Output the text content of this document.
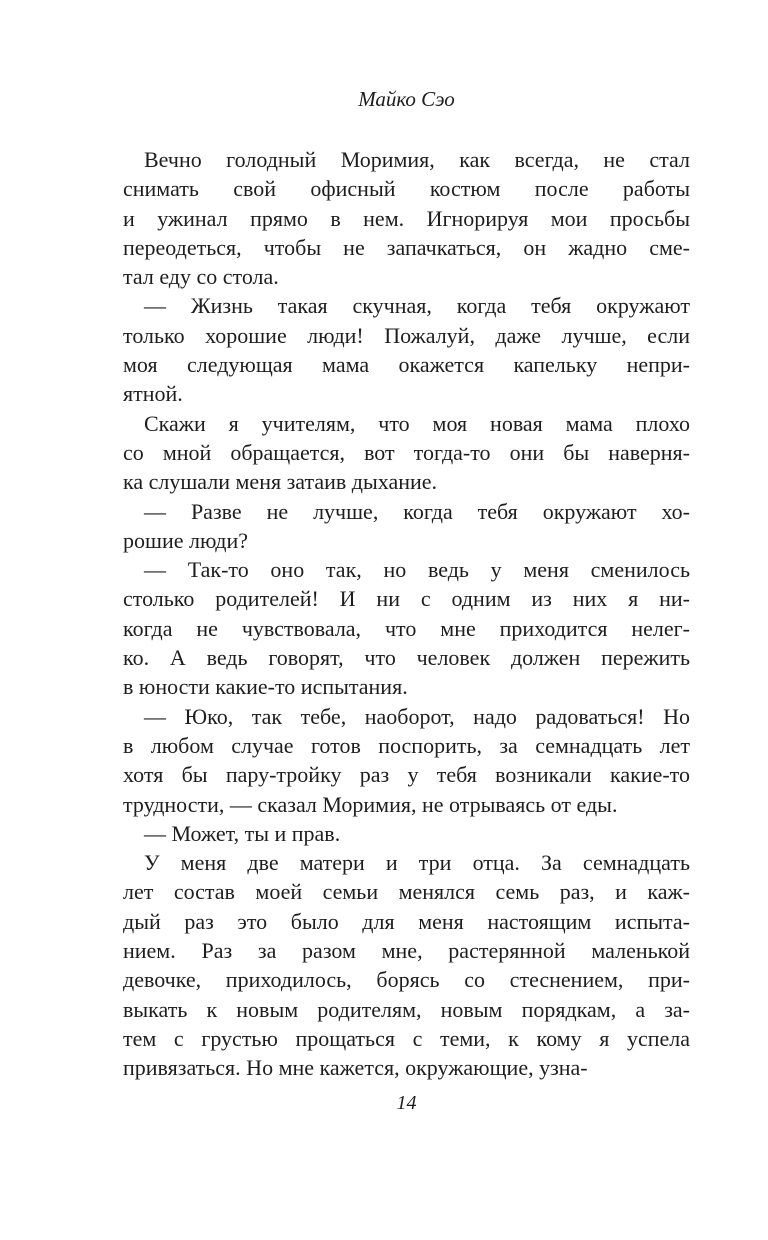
Майко Сэо
Вечно голодный Моримия, как всегда, не стал
снимать свой офисный костюм после работы
и ужинал прямо в нем. Игнорируя мои просьбы
переодеться, чтобы не запачкаться, он жадно сме-
тал еду со стола.
— Жизнь такая скучная, когда тебя окружают
только хорошие люди! Пожалуй, даже лучше, если
моя следующая мама окажется капельку непри-
ятной.
Скажи я учителям, что моя новая мама плохо
со мной обращается, вот тогда-то они бы наверня-
ка слушали меня затаив дыхание.
— Разве не лучше, когда тебя окружают хо-
рошие люди?
— Так-то оно так, но ведь у меня сменилось
столько родителей! И ни с одним из них я ни-
когда не чувствовала, что мне приходится нелег-
ко. А ведь говорят, что человек должен пережить
в юности какие-то испытания.
— Юко, так тебе, наоборот, надо радоваться! Но
в любом случае готов поспорить, за семнадцать лет
хотя бы пару-тройку раз у тебя возникали какие-то
трудности, — сказал Моримия, не отрываясь от еды.
— Может, ты и прав.
У меня две матери и три отца. За семнадцать
лет состав моей семьи менялся семь раз, и каж-
дый раз это было для меня настоящим испыта-
нием. Раз за разом мне, растерянной маленькой
девочке, приходилось, борясь со стеснением, при-
выкать к новым родителям, новым порядкам, а за-
тем с грустью прощаться с теми, к кому я успела
привязаться. Но мне кажется, окружающие, узна-
14
